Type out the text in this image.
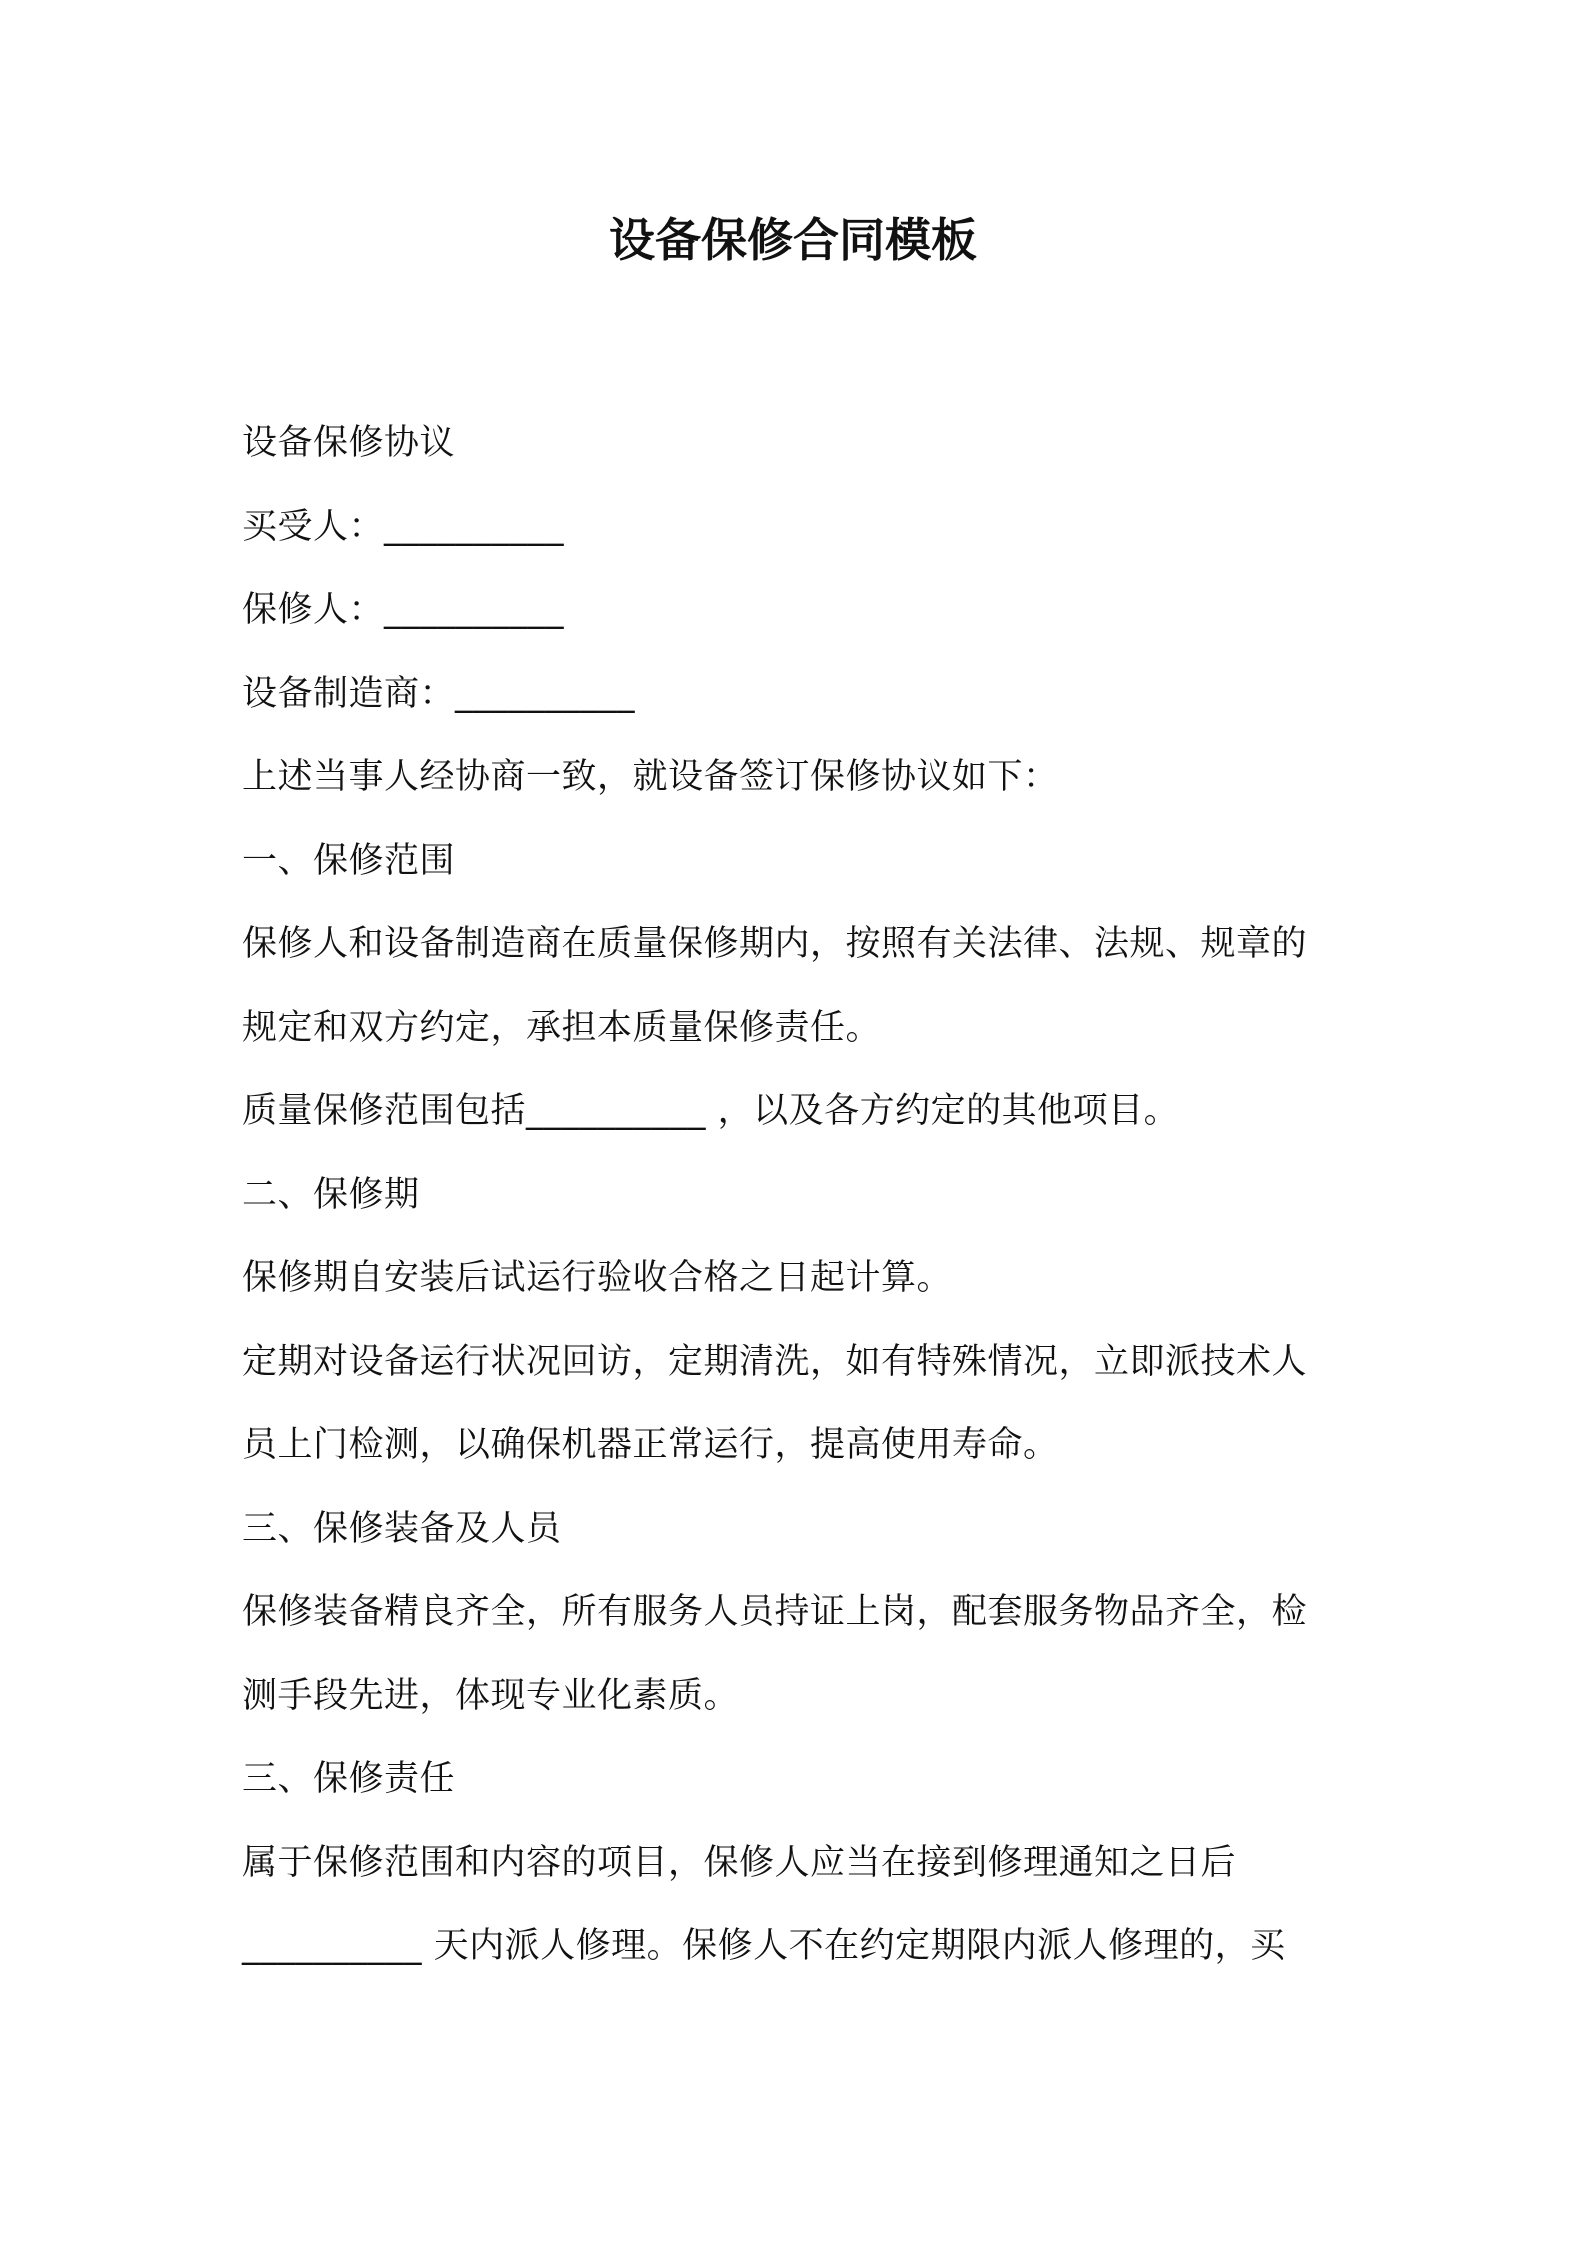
设备保修合同模板
设备保修协议
买受人：__________
保修人：__________
设备制造商：__________
上述当事人经协商一致，就设备签订保修协议如下：
一、保修范围
保修人和设备制造商在质量保修期内，按照有关法律、法规、规章的
规定和双方约定，承担本质量保修责任。
质量保修范围包括__________ ，以及各方约定的其他项目。
二、保修期
保修期自安装后试运行验收合格之日起计算。
定期对设备运行状况回访，定期清洗，如有特殊情况，立即派技术人
员上门检测，以确保机器正常运行，提高使用寿命。
三、保修装备及人员
保修装备精良齐全，所有服务人员持证上岗，配套服务物品齐全，检
测手段先进，体现专业化素质。
三、保修责任
属于保修范围和内容的项目，保修人应当在接到修理通知之日后
__________ 天内派人修理。保修人不在约定期限内派人修理的，买
